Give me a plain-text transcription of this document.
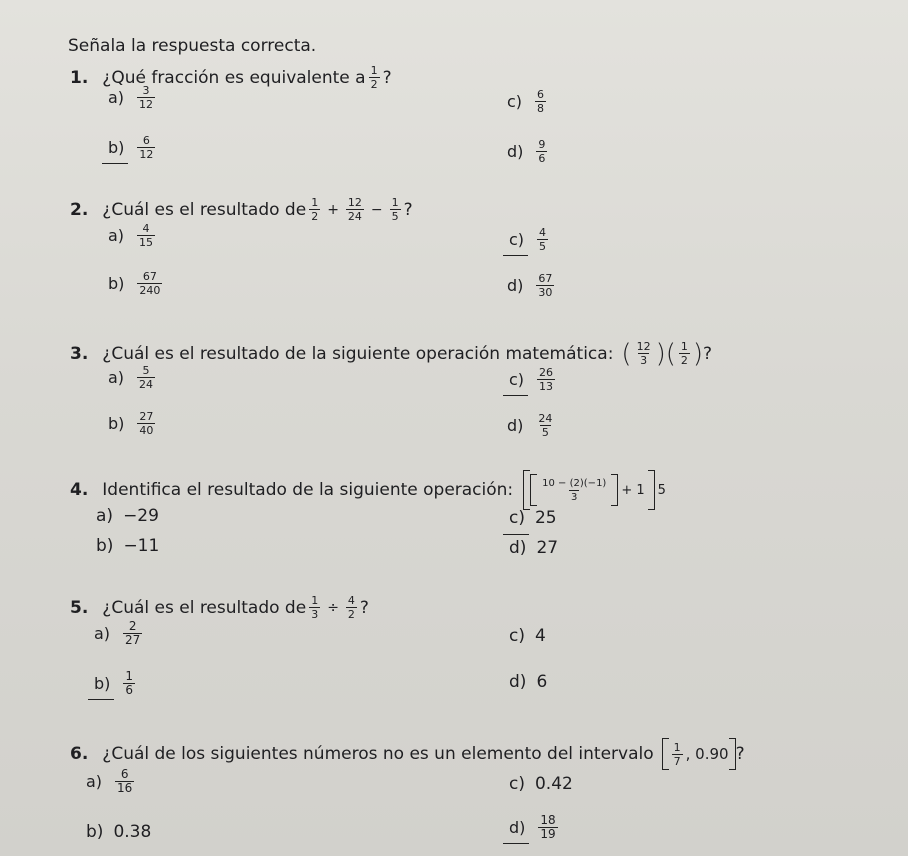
Señala la respuesta correcta.
1. ¿Qué fracción es equivalente a $\frac{1}{2}$ ?
$a) \frac{3}{12}$	$c) \frac{6}{8}$
$b) \frac{6}{12}$	$d) \frac{9}{6}$
2. ¿Cuál es el resultado de $\frac{1}{2} + \frac{12}{24} - \frac{1}{5}$ ?
$a) \frac{4}{15}$	$c) \frac{4}{5}$
$b) \frac{67}{240}$	$d) \frac{67}{30}$
3. ¿Cuál es el resultado de la siguiente operación matemática: ( $\frac{12}{3}$ ) ( $\frac{1}{2}$ ) ?
$a) \frac{5}{24}$	$c) \frac{26}{13}$
$b) \frac{27}{40}$	$d) \frac{24}{5}$
4. Identifica el resultado de la siguiente operación:	$\frac{10 - (2)(-1)}{3} + 1$ 5
a) −29	c) 25
b) −11	d) 27
5. ¿Cuál es el resultado de $\frac{1}{3} \div \frac{4}{2}$ ?
$a) \frac{2}{27}$	c) 4
$b) \frac{1}{6}$	d) 6
6. ¿Cuál de los siguientes números no es un elemento del intervalo $\frac{1}{7}$ , 0.90 ?
$a) \frac{6}{16}$	c) 0.42
b) 0.38	$d) \frac{18}{19}$
